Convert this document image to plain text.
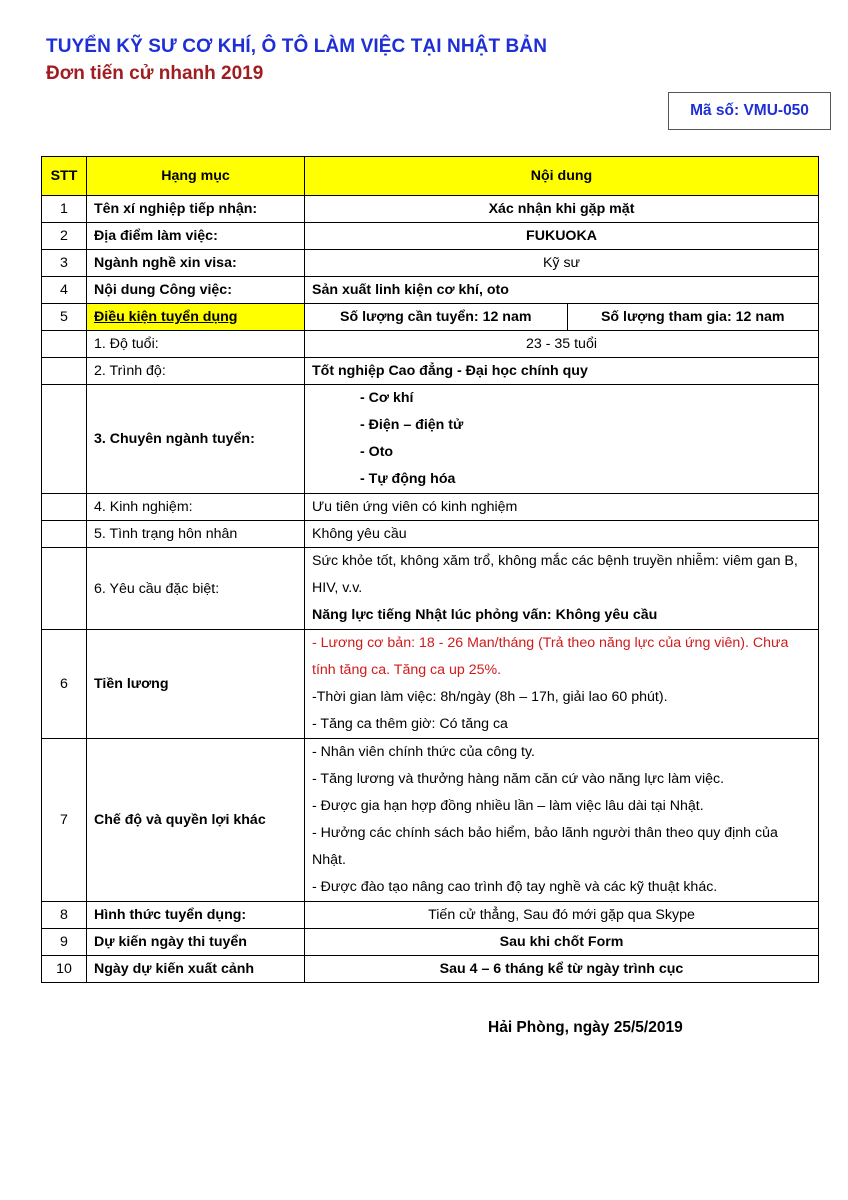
TUYỂN KỸ SƯ CƠ KHÍ, Ô TÔ LÀM VIỆC TẠI NHẬT BẢN
Đơn tiến cử nhanh 2019
Mã số: VMU-050
STT	Hạng mục	Nội dung
1	Tên xí nghiệp tiếp nhận:	Xác nhận khi gặp mặt
2	Địa điểm làm việc:	FUKUOKA
3	Ngành nghề xin visa:	Kỹ sư
4	Nội dung Công việc:	Sản xuất linh kiện cơ khí, oto
5	Điều kiện tuyển dụng		Số lượng cần tuyển: 12 nam	Số lượng tham gia: 12 nam

	1. Độ tuổi:	23 - 35 tuổi
	2. Trình độ:	Tốt nghiệp Cao đẳng - Đại học chính quy
	3. Chuyên ngành tuyển:	
- Cơ khí
- Điện – điện tử
- Oto
- Tự động hóa

	4. Kinh nghiệm:	Ưu tiên ứng viên có kinh nghiệm
	5. Tình trạng hôn nhân	Không yêu cầu
	6. Yêu cầu đặc biệt:	
Sức khỏe tốt, không xăm trổ, không mắc các bệnh truyền nhiễm: viêm gan B, HIV, v.v.
Năng lực tiếng Nhật lúc phỏng vấn: Không yêu cầu

6	Tiền lương	
- Lương cơ bản: 18 - 26 Man/tháng (Trả theo năng lực của ứng viên). Chưa tính tăng ca. Tăng ca up 25%.
-Thời gian làm việc: 8h/ngày (8h – 17h, giải lao 60 phút).
- Tăng ca thêm giờ: Có tăng ca

7	Chế độ và quyền lợi khác	
- Nhân viên chính thức của công ty.
- Tăng lương và thưởng hàng năm căn cứ vào năng lực làm việc.
- Được gia hạn hợp đồng nhiều lần – làm việc lâu dài tại Nhật.
- Hưởng các chính sách bảo hiểm, bảo lãnh người thân theo quy định của Nhật.
- Được đào tạo nâng cao trình độ tay nghề và các kỹ thuật khác.

8	Hình thức tuyển dụng:	Tiến cử thẳng, Sau đó mới gặp qua Skype
9	Dự kiến ngày thi tuyển	Sau khi chốt Form
10	Ngày dự kiến xuất cảnh	Sau 4 – 6 tháng kể từ ngày trình cục
Hải Phòng, ngày 25/5/2019
